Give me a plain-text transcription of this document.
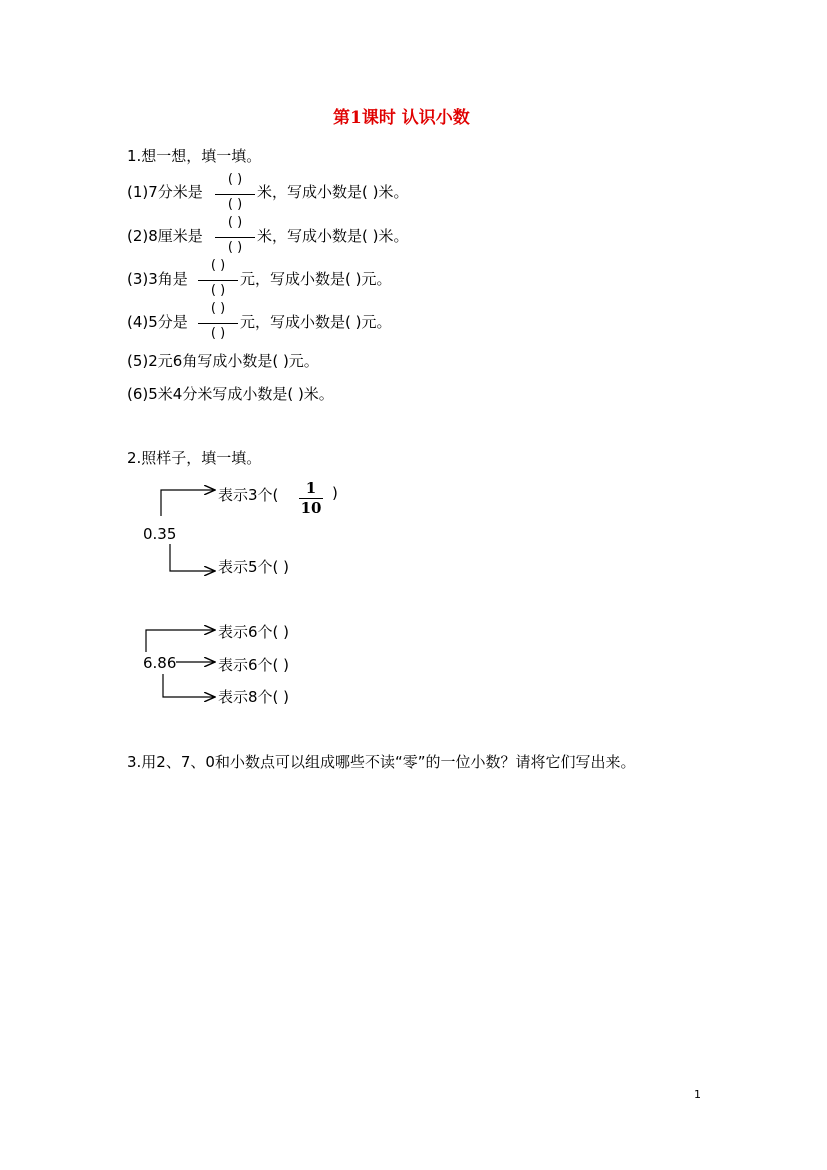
第1课时 认识小数
1.想一想，填一填。
(1)7分米是
( )
( )
米，写成小数是( )米。
(2)8厘米是
( )
( )
米，写成小数是( )米。
(3)3角是
( )
( )
元，写成小数是( )元。
(4)5分是
( )
( )
元，写成小数是( )元。
(5)2元6角写成小数是( )元。
(6)5米4分米写成小数是( )米。
2.照样子，填一填。
表示3个(	1
10
)
0.35
表示5个( )
表示6个( )
6.86	表示6个( )
表示8个( )
3.用2、7、0和小数点可以组成哪些不读“零”的一位小数？请将它们写出来。
1
